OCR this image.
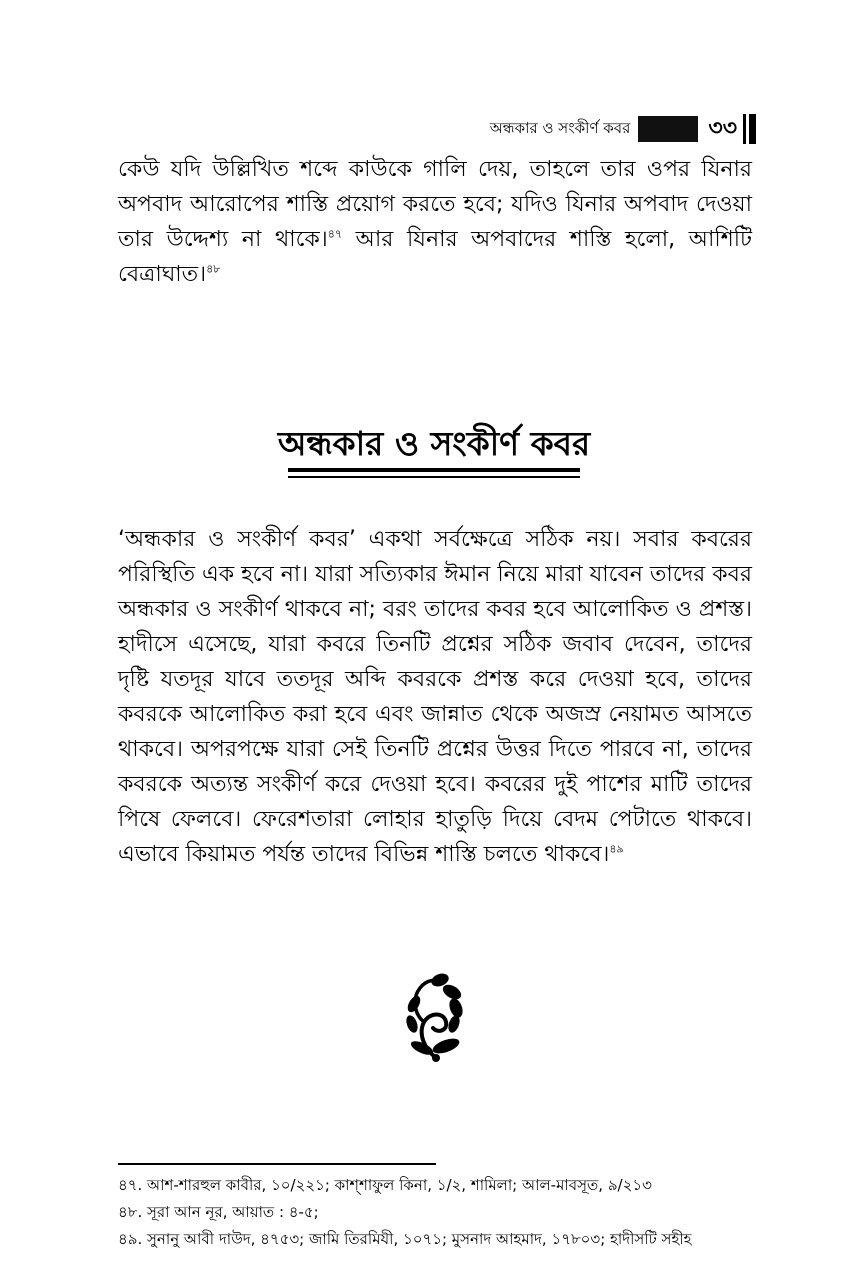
অন্ধকার ও সংকীর্ণ কবর	৩৩

কেউ যদি উল্লিখিত শব্দে কাউকে গালি দেয়, তাহলে তার ওপর যিনার অপবাদ আরোপের শাস্তি প্রয়োগ করতে হবে; যদিও যিনার অপবাদ দেওয়া তার উদ্দেশ্য না থাকে।$^{৪৭}$ আর যিনার অপবাদের শাস্তি হলো, আশিটি বেত্রাঘাত।$^{৪৮}$

অন্ধকার ও সংকীর্ণ কবর

‘অন্ধকার ও সংকীর্ণ কবর’ একথা সর্বক্ষেত্রে সঠিক নয়। সবার কবরের পরিস্থিতি এক হবে না। যারা সত্যিকার ঈমান নিয়ে মারা যাবেন তাদের কবর অন্ধকার ও সংকীর্ণ থাকবে না; বরং তাদের কবর হবে আলোকিত ও প্রশস্ত। হাদীসে এসেছে, যারা কবরে তিনটি প্রশ্নের সঠিক জবাব দেবেন, তাদের দৃষ্টি যতদূর যাবে ততদূর অব্দি কবরকে প্রশস্ত করে দেওয়া হবে, তাদের কবরকে আলোকিত করা হবে এবং জান্নাত থেকে অজস্র নেয়ামত আসতে থাকবে। অপরপক্ষে যারা সেই তিনটি প্রশ্নের উত্তর দিতে পারবে না, তাদের কবরকে অত্যন্ত সংকীর্ণ করে দেওয়া হবে। কবরের দুই পাশের মাটি তাদের পিষে ফেলবে। ফেরেশতারা লোহার হাতুড়ি দিয়ে বেদম পেটাতে থাকবে। এভাবে কিয়ামত পর্যন্ত তাদের বিভিন্ন শাস্তি চলতে থাকবে।$^{৪৯}$

৪৭. আশ-শারহুল কাবীর, ১০/২২১; কাশ্শাফুল কিনা, ১/২, শামিলা; আল-মাবসূত, ৯/২১৩
৪৮. সূরা আন নূর, আয়াত : ৪-৫;
৪৯. সুনানু আবী দাউদ, ৪৭৫৩; জামি তিরমিযী, ১০৭১; মুসনাদ আহমাদ, ১৭৮০৩; হাদীসটি সহীহ
